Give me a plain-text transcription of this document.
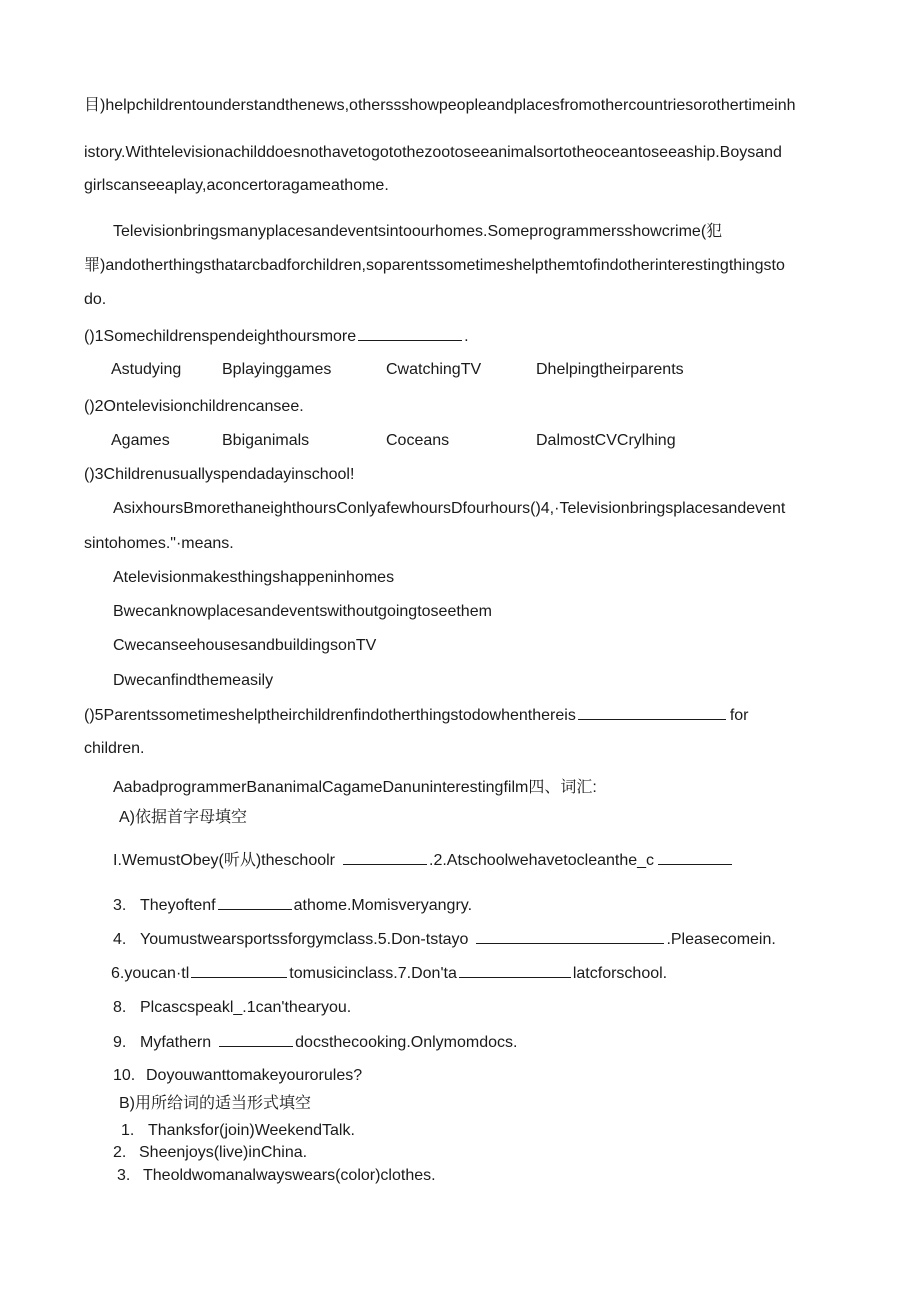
目)helpchildrentounderstandthenews,otherssshowpeopleandplacesfromothercountriesorothertimeinh
istory.Withtelevisionachilddoesnothavetogotothezootoseeanimalsortotheoceantoseeaship.Boysand
girlscanseeaplay,aconcertoragameathome.
Televisionbringsmanyplacesandeventsintoourhomes.Someprogrammersshowcrime(犯
罪)andotherthingsthatarcbadforchildren,soparentssometimeshelpthemtofindotherinterestingthingsto
do.
()1Somechildrenspendeighthoursmore	.
Astudying	Bplayinggames	CwatchingTV	Dhelpingtheirparents
()2Ontelevisionchildrencansee.
Agames	Bbiganimals	Coceans	DalmostCVCrylhing
()3Childrenusuallyspendadayinschool!
AsixhoursBmorethaneighthoursConlyafewhoursDfourhours()4,·Televisionbringsplacesandevent
sintohomes."·means.
Atelevisionmakesthingshappeninhomes
Bwecanknowplacesandeventswithoutgoingtoseethem
CwecanseehousesandbuildingsonTV
Dwecanfindthemeasily
()5Parentssometimeshelptheirchildrenfindotherthingstodowhenthereis	for
children.
AabadprogrammerBananimalCagameDanuninterestingfilm四、词汇:
A)依据首字母填空
I.WemustObey(听从)theschoolr	.2.Atschoolwehavetocleanthe_c
3. Theyoftenf	athome.Momisveryangry.
4. Youmustwearsportssforgymclass.5.Don-tstayo	.Pleasecomein.
6.youcan·tl	tomusicinclass.7.Don'ta	latcforschool.
8. Plcascspeakl_.1can'thearyou.
9. Myfathern	docsthecooking.Onlymomdocs.
10. Doyouwanttomakeyourorules?
B)用所给词的适当形式填空
1. Thanksfor(join)WeekendTalk.
2. Sheenjoys(live)inChina.
3. Theoldwomanalwayswears(color)clothes.
